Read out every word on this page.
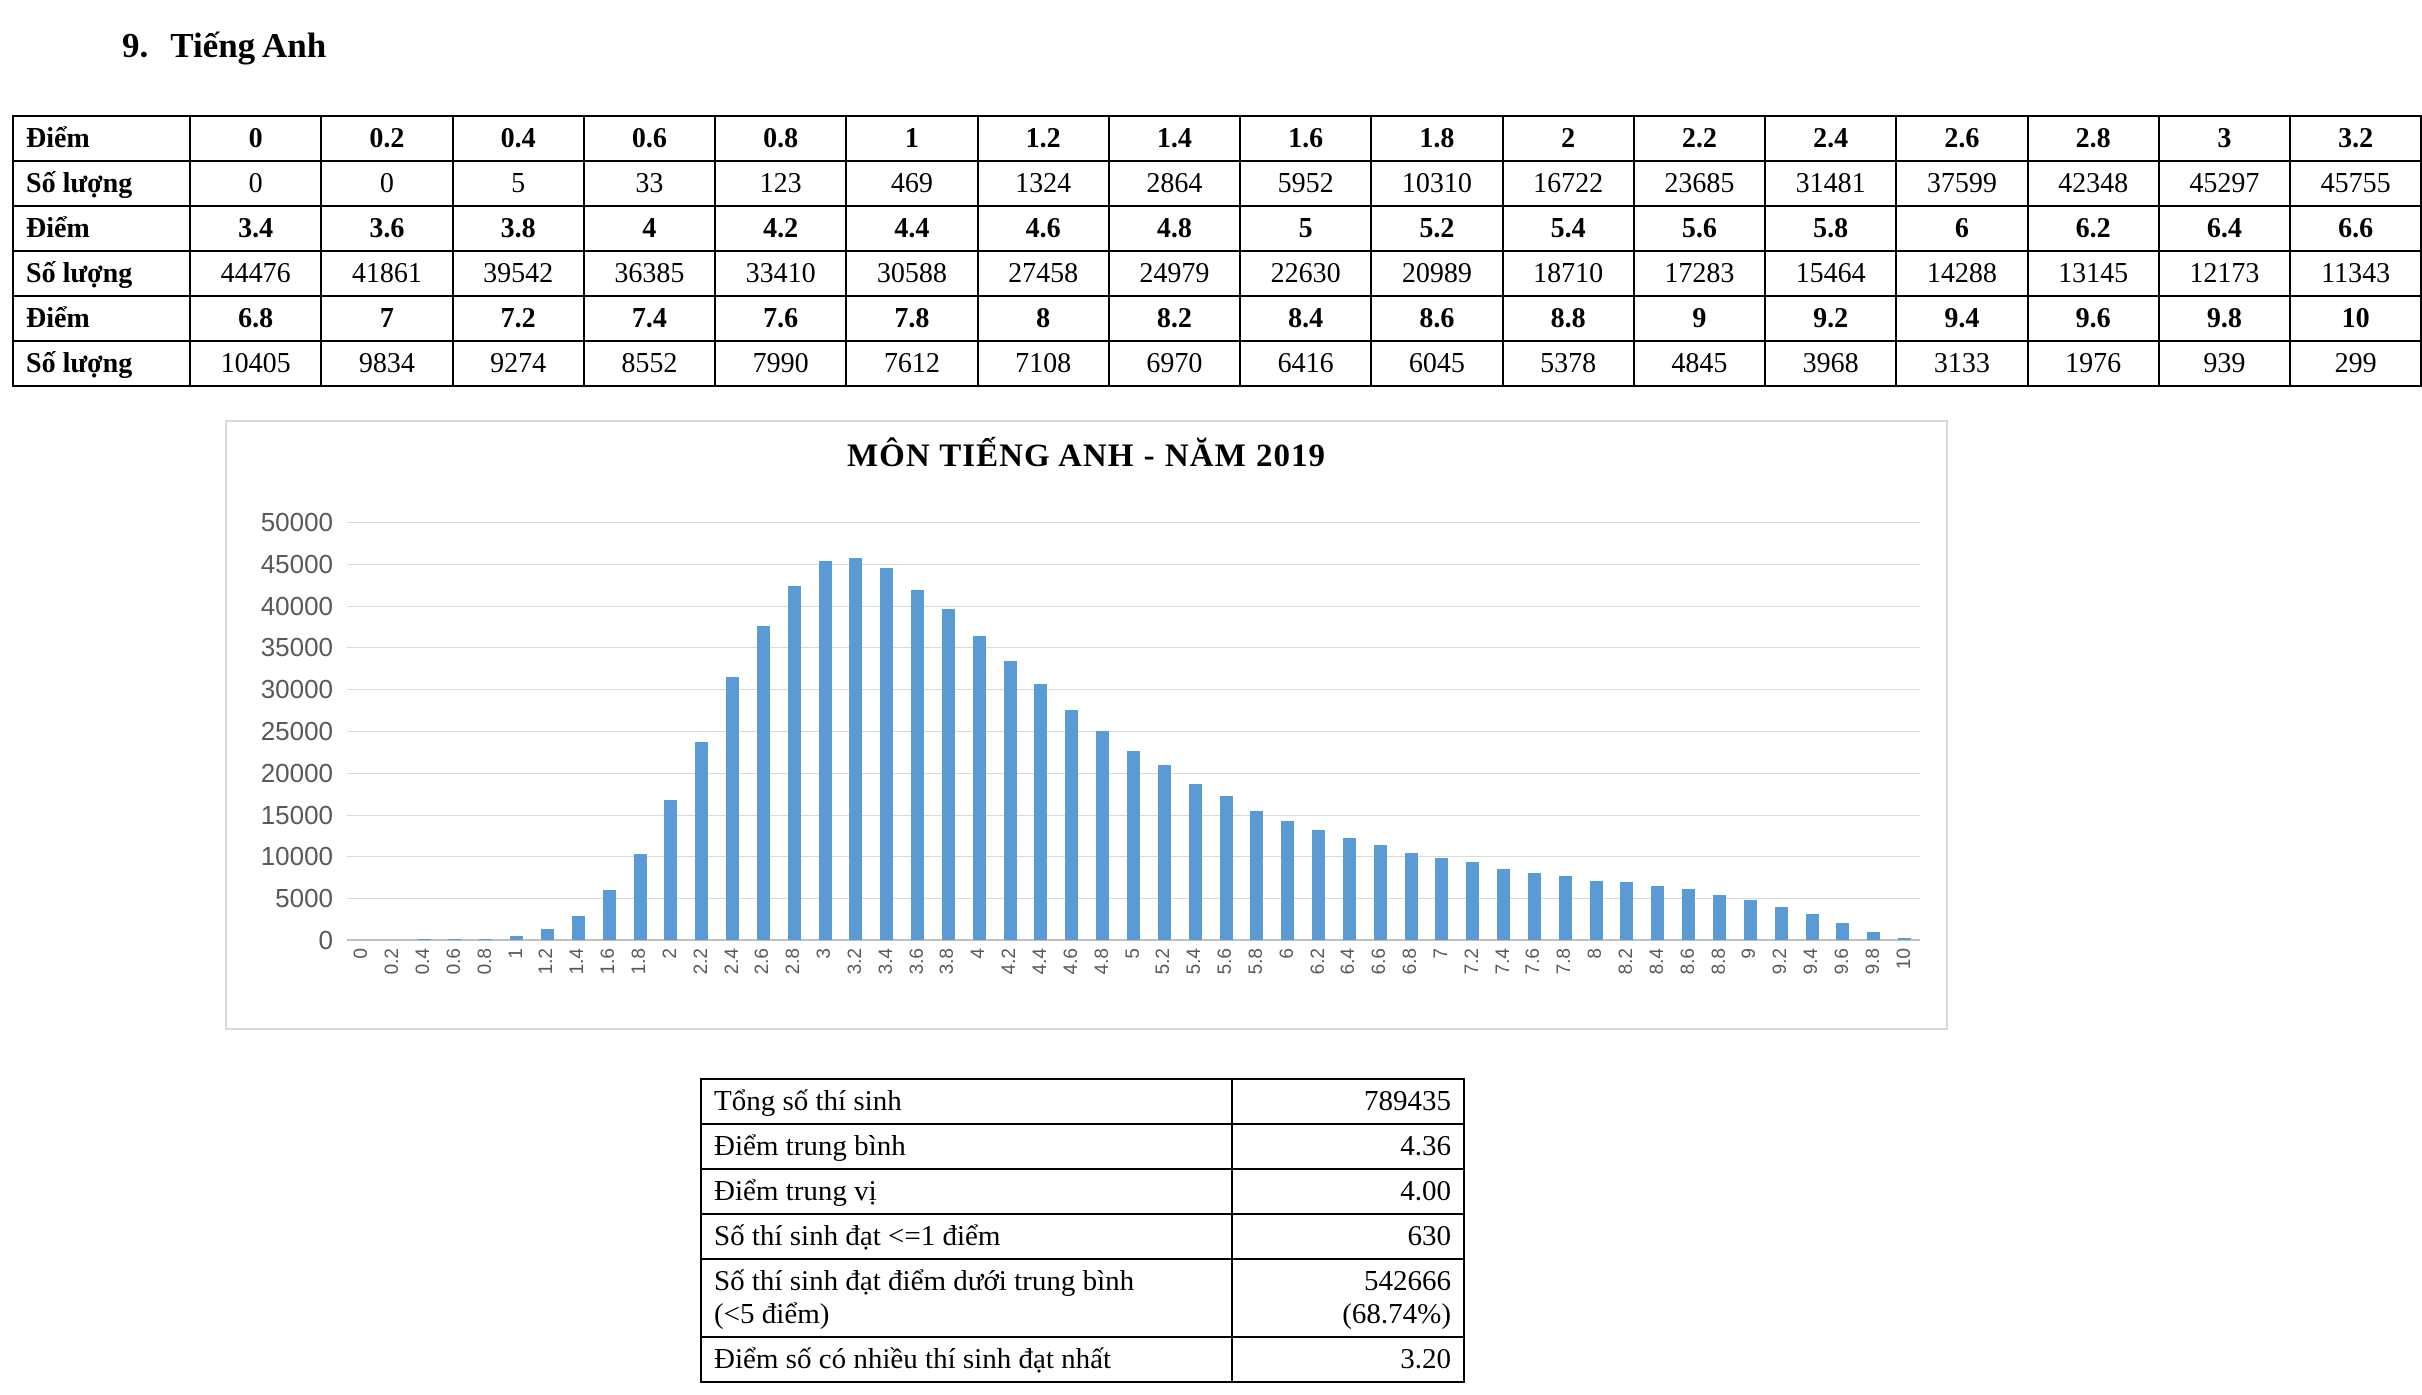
9. Tiếng Anh
Điểm	0	0.2	0.4	0.6	0.8	1	1.2	1.4	1.6	1.8	2	2.2	2.4	2.6	2.8	3	3.2
Số lượng	0	0	5	33	123	469	1324	2864	5952	10310	16722	23685	31481	37599	42348	45297	45755
Điểm	3.4	3.6	3.8	4	4.2	4.4	4.6	4.8	5	5.2	5.4	5.6	5.8	6	6.2	6.4	6.6
Số lượng	44476	41861	39542	36385	33410	30588	27458	24979	22630	20989	18710	17283	15464	14288	13145	12173	11343
Điểm	6.8	7	7.2	7.4	7.6	7.8	8	8.2	8.4	8.6	8.8	9	9.2	9.4	9.6	9.8	10
Số lượng	10405	9834	9274	8552	7990	7612	7108	6970	6416	6045	5378	4845	3968	3133	1976	939	299
MÔN TIẾNG ANH - NĂM 2019
0
5000
10000
15000
20000
25000
30000
35000
40000
45000
50000
0 0.2 0.4 0.6 0.8 1 1.2 1.4 1.6 1.8 2 2.2 2.4 2.6 2.8 3 3.2 3.4 3.6 3.8 4 4.2 4.4 4.6 4.8 5 5.2 5.4 5.6 5.8 6 6.2 6.4 6.6 6.8 7 7.2 7.4 7.6 7.8 8 8.2 8.4 8.6 8.8 9 9.2 9.4 9.6 9.8 10
Tổng số thí sinh	789435
Điểm trung bình	4.36
Điểm trung vị	4.00
Số thí sinh đạt <=1 điểm	630
Số thí sinh đạt điểm dưới trung bình
(<5 điểm)	542666
(68.74%)

Điểm số có nhiều thí sinh đạt nhất	3.20
